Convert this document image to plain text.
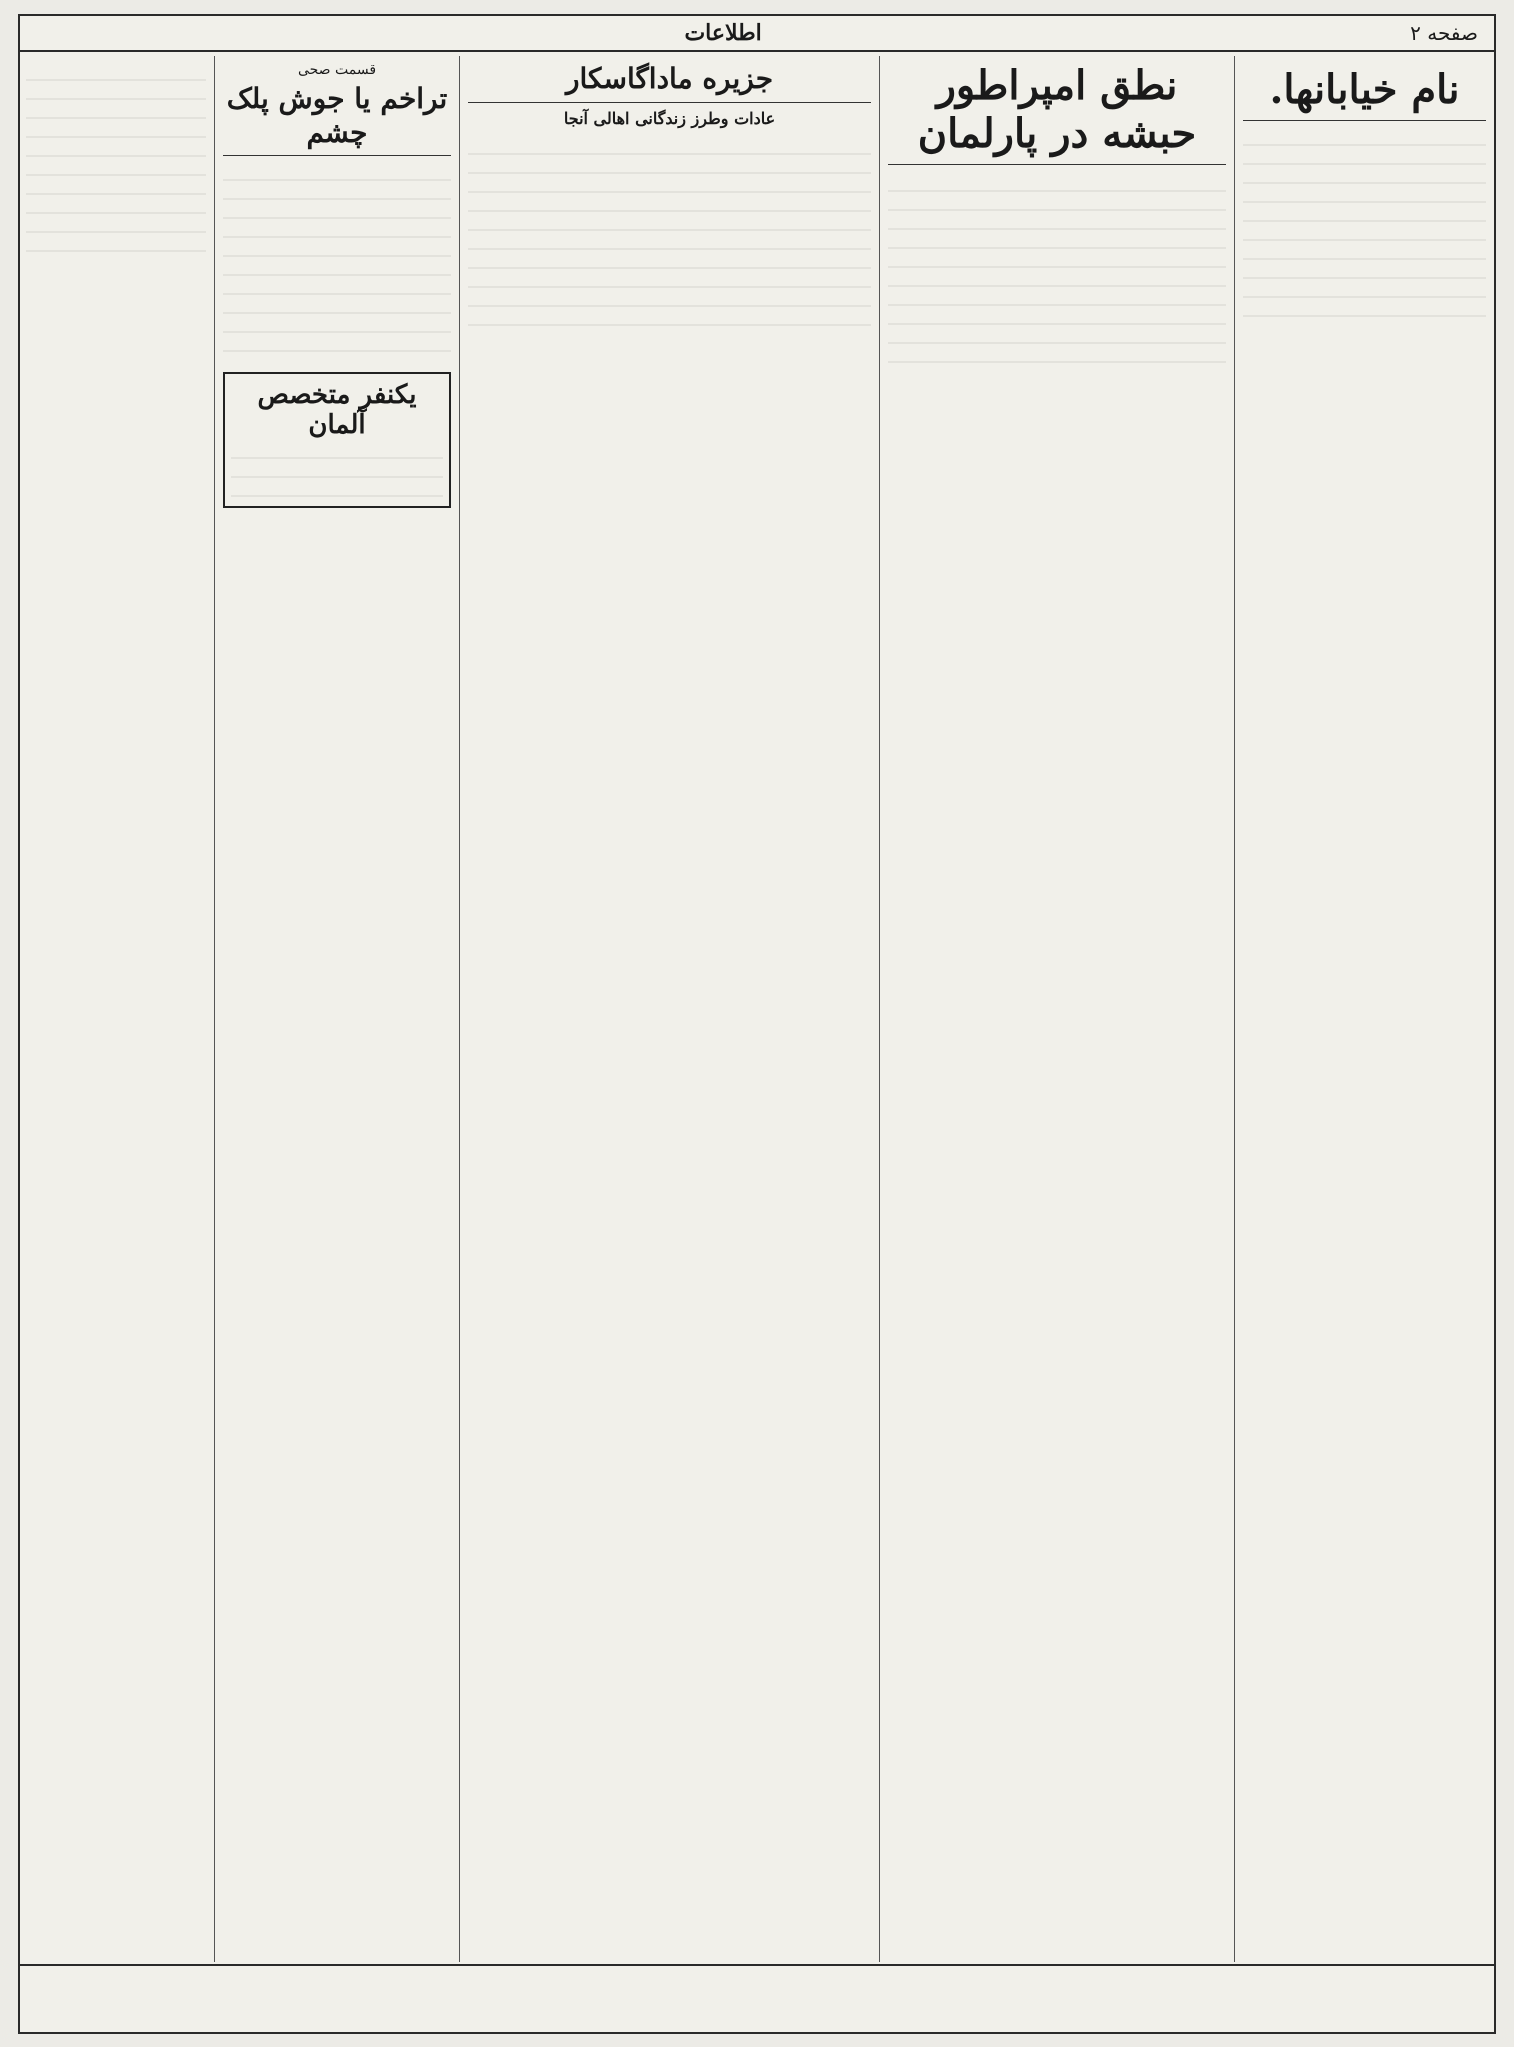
صفحه ۲
اطلاعات
نام خیابانها.
نطق امپراطور حبشه در پارلمان
جزیره ماداگاسکار
عادات وطرز زندگانی اهالی آنجا
قسمت صحی
تراخم یا جوش پلک چشم
یکنفر متخصص آلمان
